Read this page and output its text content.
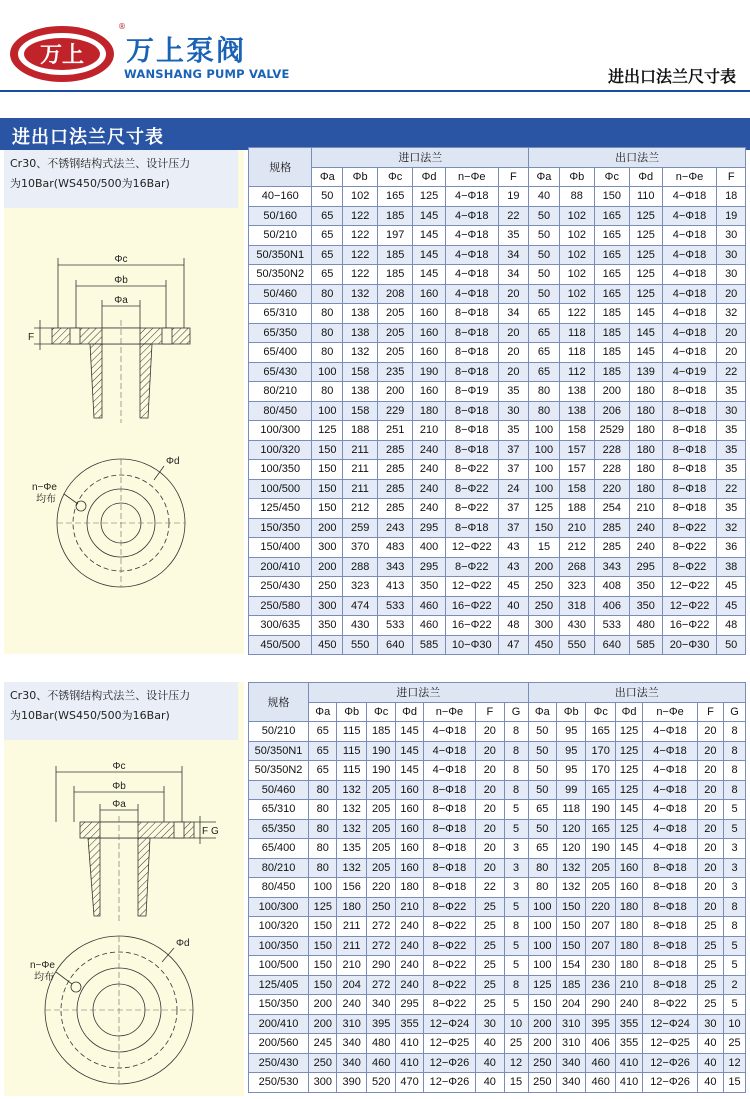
万上
®
万上泵阀
WANSHANG PUMP VALVE	进出口法兰尺寸表
进出口法兰尺寸表
Cr30、不锈钢结构式法兰、设计压力
为10Bar(WS450/500为16Bar)
Φc
Φb
Φa
F
Φd
n−Φe
均布
规格	进口法兰						出口法兰					
	Φa	Φb	Φc	Φd	n−Φe	F	Φa	Φb	Φc	Φd	n−Φe	F
40−160	50	102	165	125	4−Φ18	19	40	88	150	110	4−Φ18	18
50/160	65	122	185	145	4−Φ18	22	50	102	165	125	4−Φ18	19
50/210	65	122	197	145	4−Φ18	35	50	102	165	125	4−Φ18	30
50/350N1	65	122	185	145	4−Φ18	34	50	102	165	125	4−Φ18	30
50/350N2	65	122	185	145	4−Φ18	34	50	102	165	125	4−Φ18	30
50/460	80	132	208	160	4−Φ18	20	50	102	165	125	4−Φ18	20
65/310	80	138	205	160	8−Φ18	34	65	122	185	145	4−Φ18	32
65/350	80	138	205	160	8−Φ18	20	65	118	185	145	4−Φ18	20
65/400	80	132	205	160	8−Φ18	20	65	118	185	145	4−Φ18	20
65/430	100	158	235	190	8−Φ18	20	65	112	185	139	4−Φ19	22
80/210	80	138	200	160	8−Φ19	35	80	138	200	180	8−Φ18	35
80/450	100	158	229	180	8−Φ18	30	80	138	206	180	8−Φ18	30
100/300	125	188	251	210	8−Φ18	35	100	158	2529	180	8−Φ18	35
100/320	150	211	285	240	8−Φ18	37	100	157	228	180	8−Φ18	35
100/350	150	211	285	240	8−Φ22	37	100	157	228	180	8−Φ18	35
100/500	150	211	285	240	8−Φ22	24	100	158	220	180	8−Φ18	22
125/450	150	212	285	240	8−Φ22	37	125	188	254	210	8−Φ18	35
150/350	200	259	243	295	8−Φ18	37	150	210	285	240	8−Φ22	32
150/400	300	370	483	400	12−Φ22	43	15	212	285	240	8−Φ22	36
200/410	200	288	343	295	8−Φ22	43	200	268	343	295	8−Φ22	38
250/430	250	323	413	350	12−Φ22	45	250	323	408	350	12−Φ22	45
250/580	300	474	533	460	16−Φ22	40	250	318	406	350	12−Φ22	45
300/635	350	430	533	460	16−Φ22	48	300	430	533	480	16−Φ22	48
450/500	450	550	640	585	10−Φ30	47	450	550	640	585	20−Φ30	50
Cr30、不锈钢结构式法兰、设计压力
为10Bar(WS450/500为16Bar)
Φc
Φb
Φa
F G
Φd
n−Φe
均布
规格	进口法兰							出口法兰						
	Φa	Φb	Φc	Φd	n−Φe	F	G	Φa	Φb	Φc	Φd	n−Φe	F	G
50/210	65	115	185	145	4−Φ18	20	8	50	95	165	125	4−Φ18	20	8
50/350N1	65	115	190	145	4−Φ18	20	8	50	95	170	125	4−Φ18	20	8
50/350N2	65	115	190	145	4−Φ18	20	8	50	95	170	125	4−Φ18	20	8
50/460	80	132	205	160	8−Φ18	20	8	50	99	165	125	4−Φ18	20	8
65/310	80	132	205	160	8−Φ18	20	5	65	118	190	145	4−Φ18	20	5
65/350	80	132	205	160	8−Φ18	20	5	50	120	165	125	4−Φ18	20	5
65/400	80	135	205	160	8−Φ18	20	3	65	120	190	145	4−Φ18	20	3
80/210	80	132	205	160	8−Φ18	20	3	80	132	205	160	8−Φ18	20	3
80/450	100	156	220	180	8−Φ18	22	3	80	132	205	160	8−Φ18	20	3
100/300	125	180	250	210	8−Φ22	25	5	100	150	220	180	8−Φ18	20	8
100/320	150	211	272	240	8−Φ22	25	8	100	150	207	180	8−Φ18	25	8
100/350	150	211	272	240	8−Φ22	25	5	100	150	207	180	8−Φ18	25	5
100/500	150	210	290	240	8−Φ22	25	5	100	154	230	180	8−Φ18	25	5
125/405	150	204	272	240	8−Φ22	25	8	125	185	236	210	8−Φ18	25	2
150/350	200	240	340	295	8−Φ22	25	5	150	204	290	240	8−Φ22	25	5
200/410	200	310	395	355	12−Φ24	30	10	200	310	395	355	12−Φ24	30	10
200/560	245	340	480	410	12−Φ25	40	25	200	310	406	355	12−Φ25	40	25
250/430	250	340	460	410	12−Φ26	40	12	250	340	460	410	12−Φ26	40	12
250/530	300	390	520	470	12−Φ26	40	15	250	340	460	410	12−Φ26	40	15
